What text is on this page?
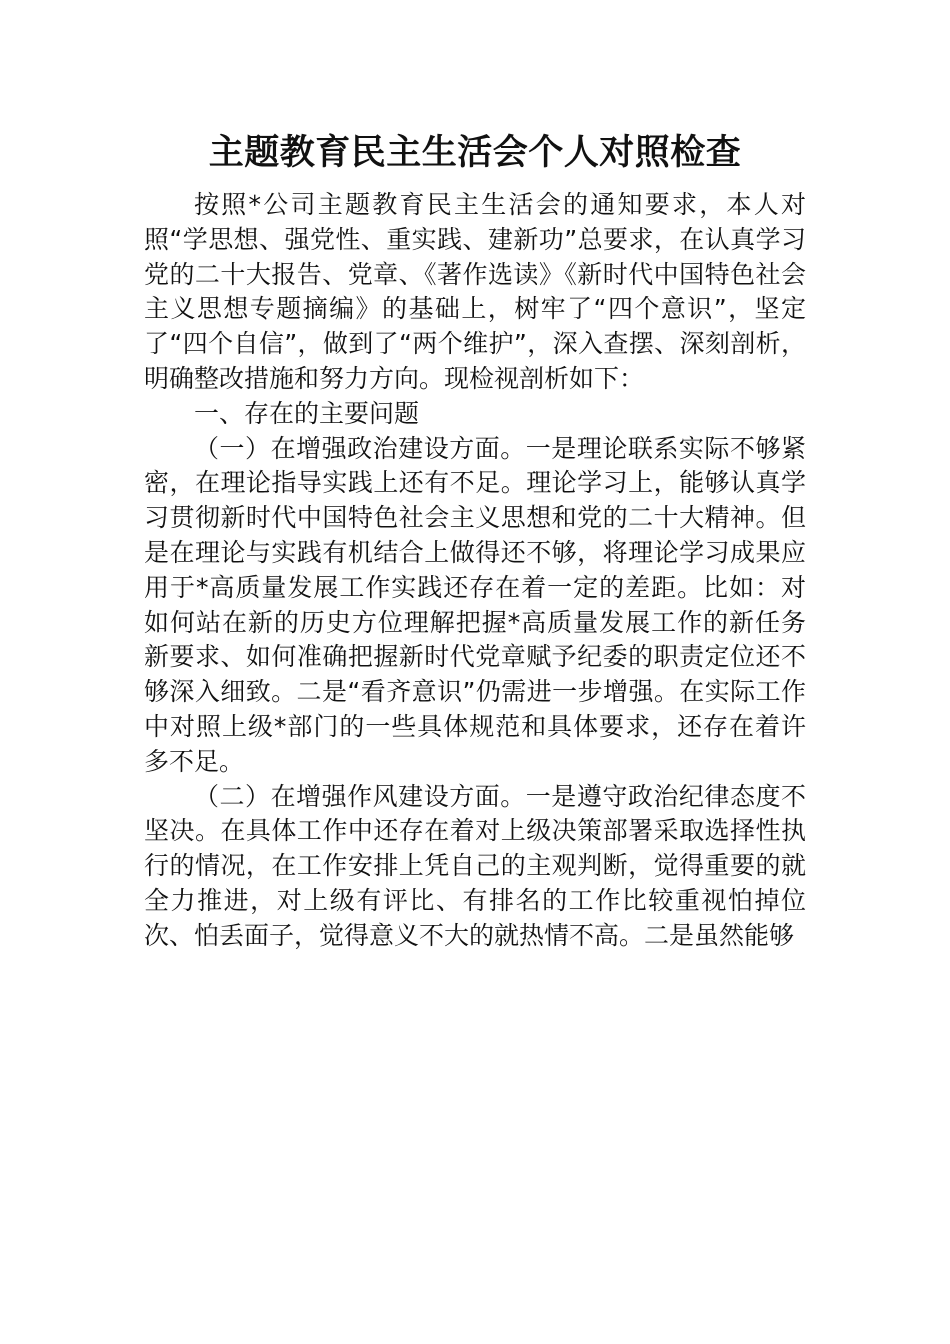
主题教育民主生活会个人对照检查

按照*公司主题教育民主生活会的通知要求，本人对照“学思想、强党性、重实践、建新功”总要求，在认真学习党的二十大报告、党章、《著作选读》《新时代中国特色社会主义思想专题摘编》的基础上，树牢了“四个意识”，坚定了“四个自信”，做到了“两个维护”，深入查摆、深刻剖析，明确整改措施和努力方向。现检视剖析如下：

一、存在的主要问题

（一）在增强政治建设方面。一是理论联系实际不够紧密，在理论指导实践上还有不足。理论学习上，能够认真学习贯彻新时代中国特色社会主义思想和党的二十大精神。但是在理论与实践有机结合上做得还不够，将理论学习成果应用于*高质量发展工作实践还存在着一定的差距。比如：对如何站在新的历史方位理解把握*高质量发展工作的新任务新要求、如何准确把握新时代党章赋予纪委的职责定位还不够深入细致。二是“看齐意识”仍需进一步增强。在实际工作中对照上级*部门的一些具体规范和具体要求，还存在着许多不足。

（二）在增强作风建设方面。一是遵守政治纪律态度不坚决。在具体工作中还存在着对上级决策部署采取选择性执行的情况，在工作安排上凭自己的主观判断，觉得重要的就全力推进，对上级有评比、有排名的工作比较重视怕掉位次、怕丢面子，觉得意义不大的就热情不高。二是虽然能够
